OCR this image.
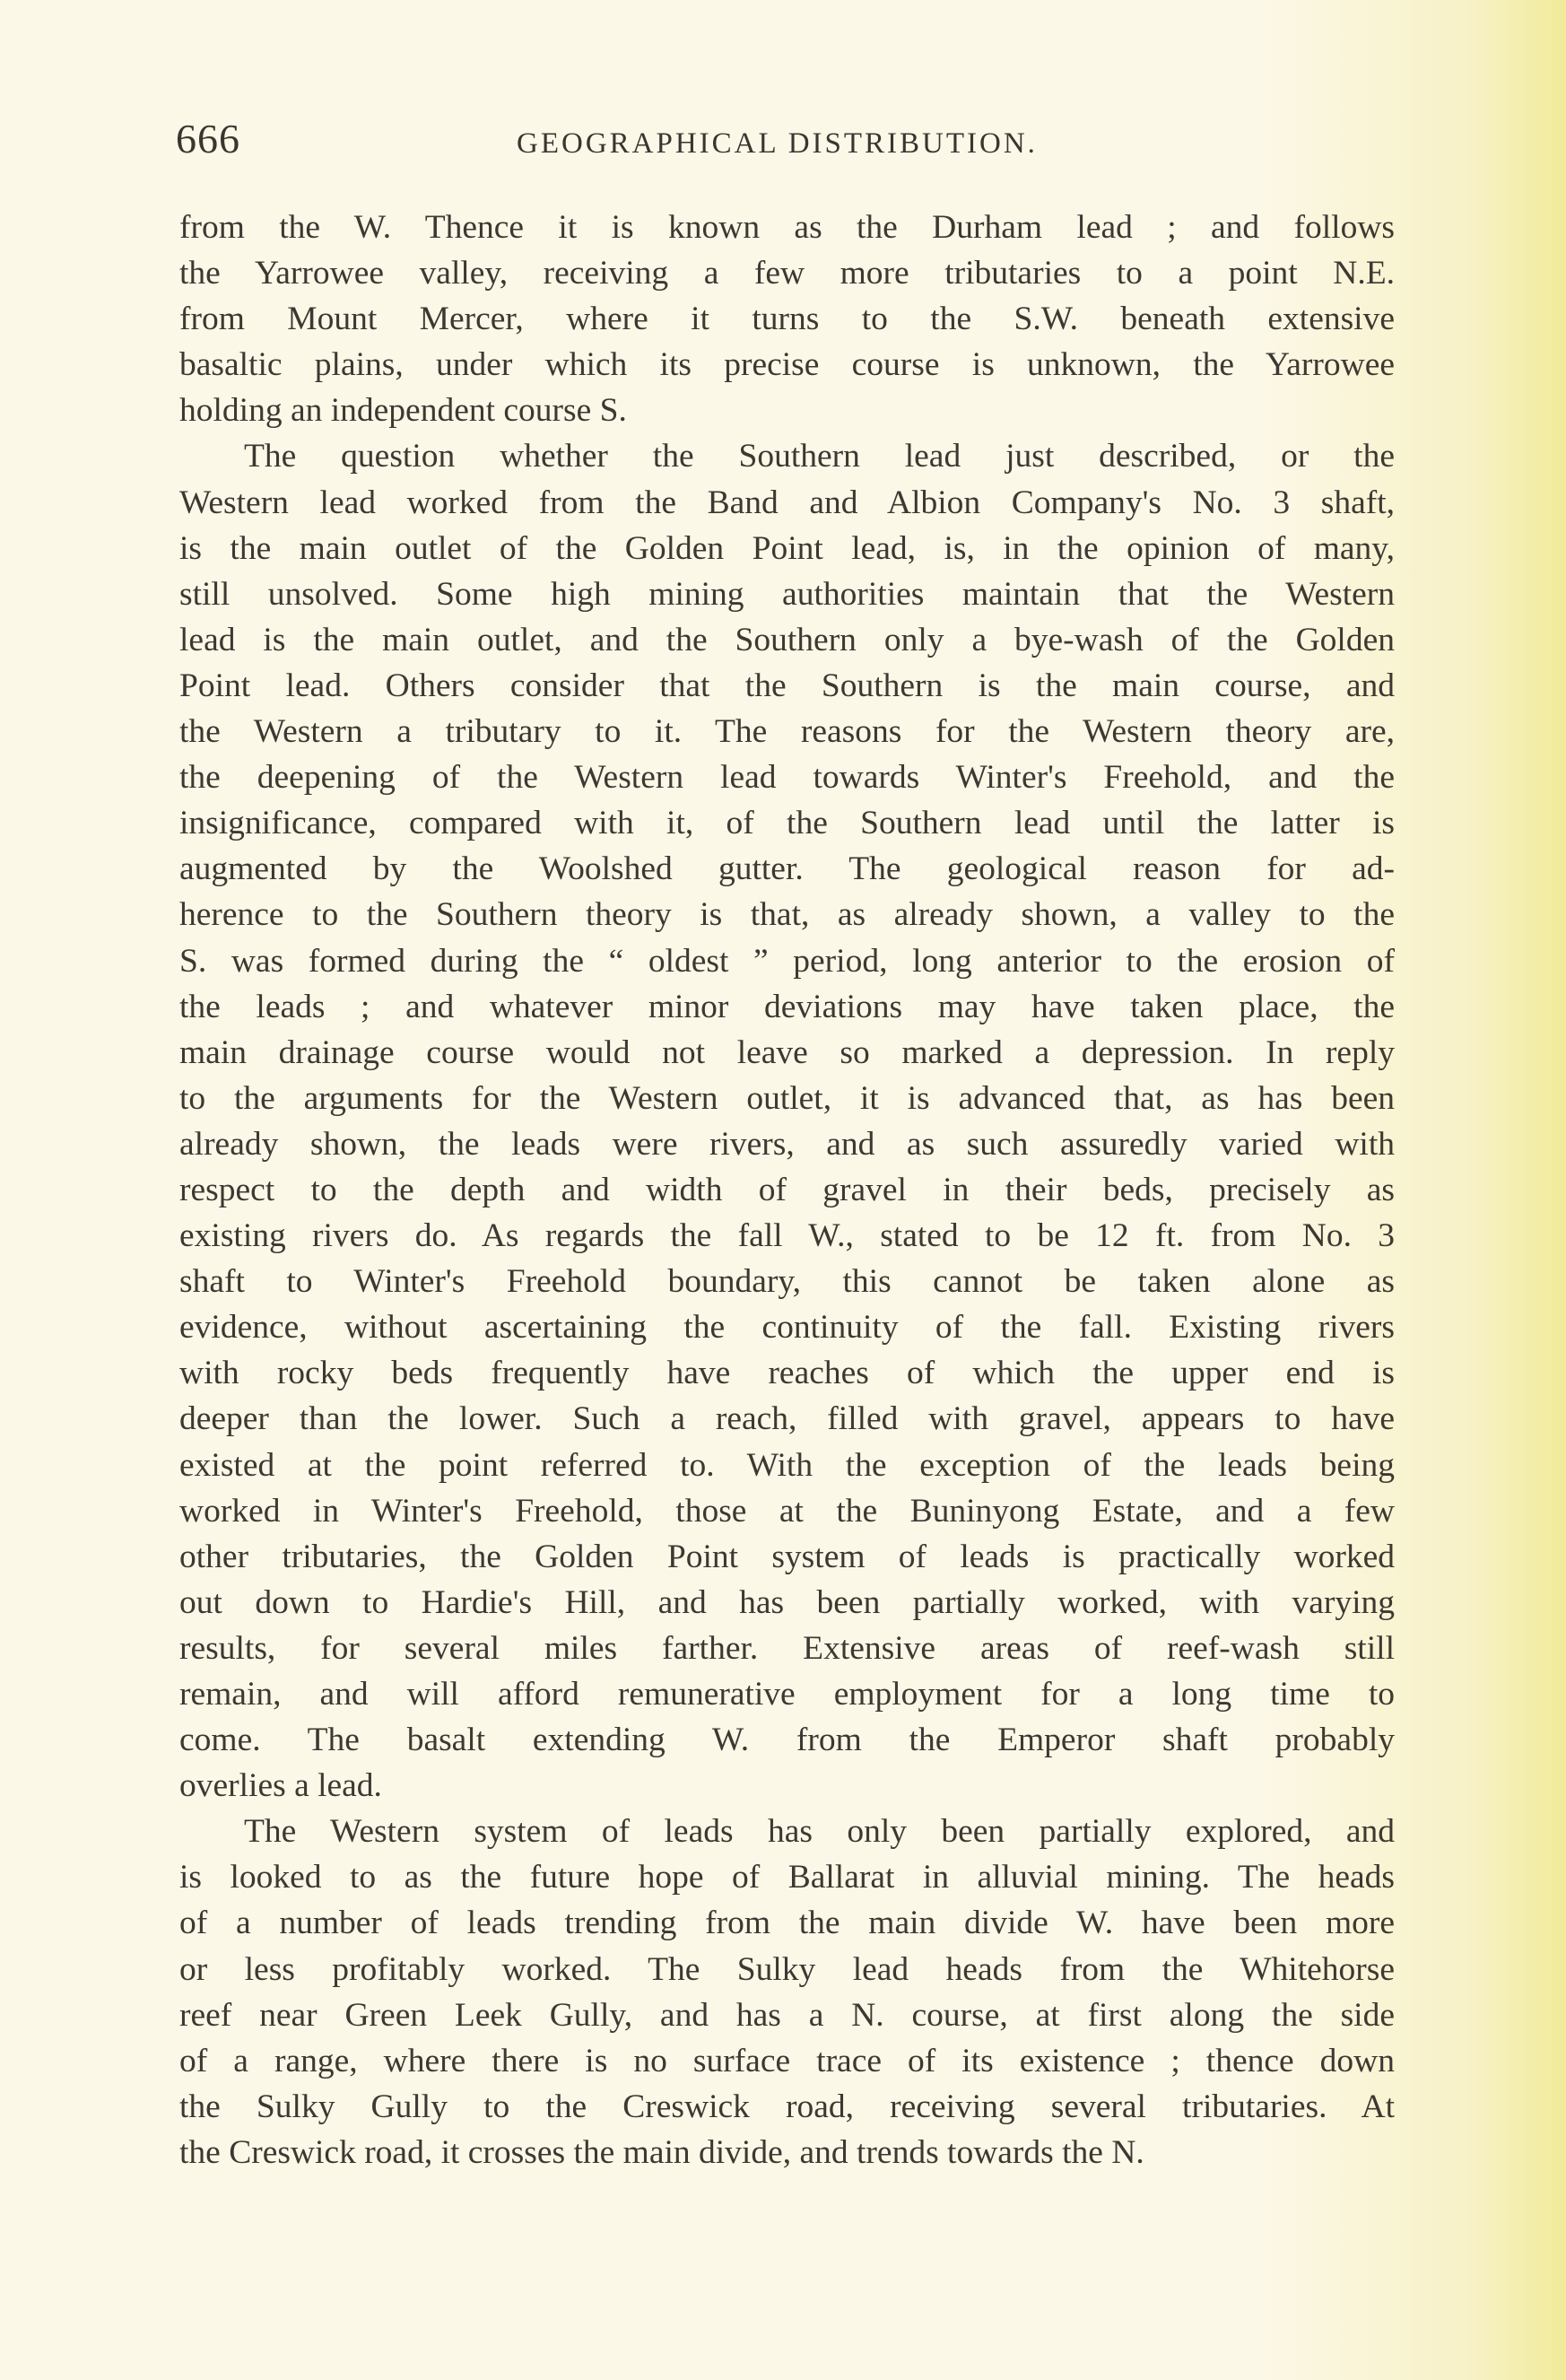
666	GEOGRAPHICAL DISTRIBUTION.
from the W. Thence it is known as the Durham lead ; and follows
the Yarrowee valley, receiving a few more tributaries to a point N.E.
from Mount Mercer, where it turns to the S.W. beneath extensive
basaltic plains, under which its precise course is unknown, the Yarrowee
holding an independent course S.
The question whether the Southern lead just described, or the
Western lead worked from the Band and Albion Company's No. 3 shaft,
is the main outlet of the Golden Point lead, is, in the opinion of many,
still unsolved. Some high mining authorities maintain that the Western
lead is the main outlet, and the Southern only a bye-wash of the Golden
Point lead. Others consider that the Southern is the main course, and
the Western a tributary to it. The reasons for the Western theory are,
the deepening of the Western lead towards Winter's Freehold, and the
insignificance, compared with it, of the Southern lead until the latter is
augmented by the Woolshed gutter. The geological reason for ad-
herence to the Southern theory is that, as already shown, a valley to the
S. was formed during the “ oldest ” period, long anterior to the erosion of
the leads ; and whatever minor deviations may have taken place, the
main drainage course would not leave so marked a depression. In reply
to the arguments for the Western outlet, it is advanced that, as has been
already shown, the leads were rivers, and as such assuredly varied with
respect to the depth and width of gravel in their beds, precisely as
existing rivers do. As regards the fall W., stated to be 12 ft. from No. 3
shaft to Winter's Freehold boundary, this cannot be taken alone as
evidence, without ascertaining the continuity of the fall. Existing rivers
with rocky beds frequently have reaches of which the upper end is
deeper than the lower. Such a reach, filled with gravel, appears to have
existed at the point referred to. With the exception of the leads being
worked in Winter's Freehold, those at the Buninyong Estate, and a few
other tributaries, the Golden Point system of leads is practically worked
out down to Hardie's Hill, and has been partially worked, with varying
results, for several miles farther. Extensive areas of reef-wash still
remain, and will afford remunerative employment for a long time to
come. The basalt extending W. from the Emperor shaft probably
overlies a lead.
The Western system of leads has only been partially explored, and
is looked to as the future hope of Ballarat in alluvial mining. The heads
of a number of leads trending from the main divide W. have been more
or less profitably worked. The Sulky lead heads from the Whitehorse
reef near Green Leek Gully, and has a N. course, at first along the side
of a range, where there is no surface trace of its existence ; thence down
the Sulky Gully to the Creswick road, receiving several tributaries. At
the Creswick road, it crosses the main divide, and trends towards the N.
